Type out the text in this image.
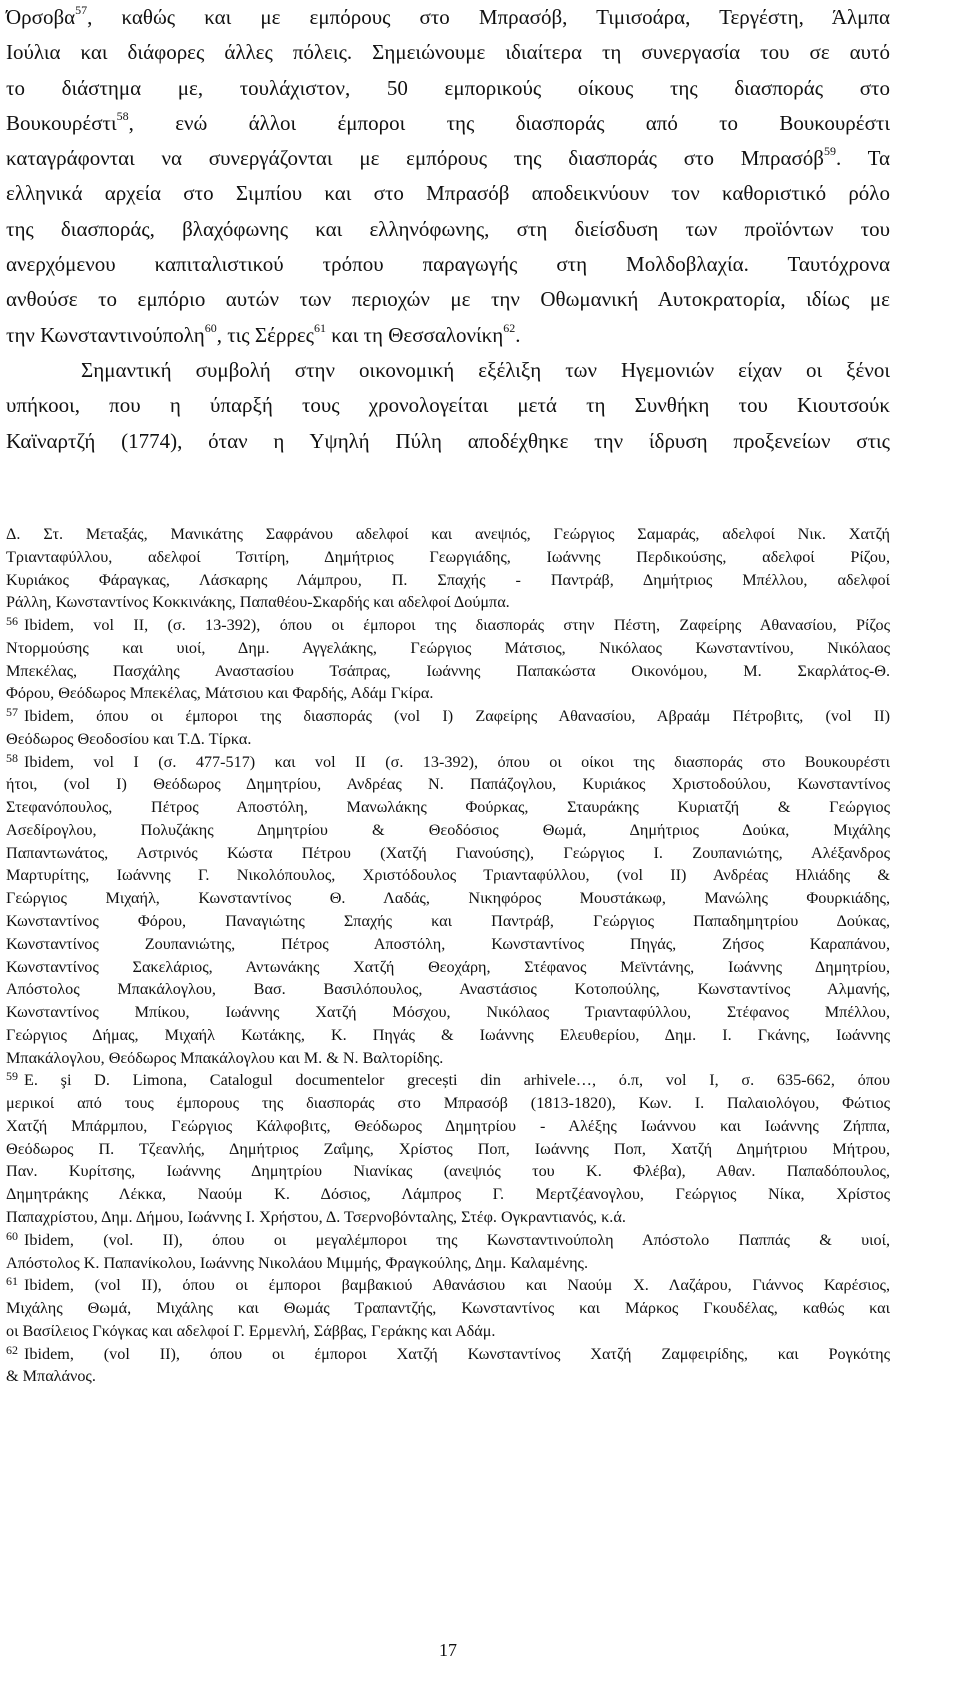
Όρσοβα$^{57}$, καθώς και με εμπόρους στο Μπρασόβ, Τιμισοάρα, Τεργέστη, Άλμπα
Ιούλια και διάφορες άλλες πόλεις. Σημειώνουμε ιδιαίτερα τη συνεργασία του σε αυτό
το διάστημα με, τουλάχιστον, 50 εμπορικούς οίκους της διασποράς στο
Βουκουρέστι$^{58}$, ενώ άλλοι έμποροι της διασποράς από το Βουκουρέστι
καταγράφονται να συνεργάζονται με εμπόρους της διασποράς στο Μπρασόβ$^{59}$. Τα
ελληνικά αρχεία στο Σιμπίου και στο Μπρασόβ αποδεικνύουν τον καθοριστικό ρόλο
της διασποράς, βλαχόφωνης και ελληνόφωνης, στη διείσδυση των προϊόντων του
ανερχόμενου καπιταλιστικού τρόπου παραγωγής στη Μολδοβλαχία. Ταυτόχρονα
ανθούσε το εμπόριο αυτών των περιοχών με την Οθωμανική Αυτοκρατορία, ιδίως με
την Κωνσταντινούπολη$^{60}$, τις Σέρρες$^{61}$ και τη Θεσσαλονίκη$^{62}$.
Σημαντική συμβολή στην οικονομική εξέλιξη των Ηγεμονιών είχαν οι ξένοι
υπήκοοι, που η ύπαρξή τους χρονολογείται μετά τη Συνθήκη του Κιουτσούκ
Καϊναρτζή (1774), όταν η Υψηλή Πύλη αποδέχθηκε την ίδρυση προξενείων στις
Δ. Στ. Μεταξάς, Μανικάτης Σαφράνου αδελφοί και ανεψιός, Γεώργιος Σαμαράς, αδελφοί Νικ. Χατζή
Τριανταφύλλου, αδελφοί Τσιτίρη, Δημήτριος Γεωργιάδης, Ιωάννης Περδικούσης, αδελφοί Ρίζου,
Κυριάκος Φάραγκας, Λάσκαρης Λάμπρου, Π. Σπαχής - Παντράβ, Δημήτριος Μπέλλου, αδελφοί
Ράλλη, Κωνσταντίνος Κοκκινάκης, Παπαθέου-Σκαρδής και αδελφοί Δούμπα.
$^{56}$ Ibidem, vol II, (σ. 13-392), όπου οι έμποροι της διασποράς στην Πέστη, Ζαφείρης Αθανασίου, Ρίζος
Ντορμούσης και υιοί, Δημ. Αγγελάκης, Γεώργιος Μάτσιος, Νικόλαος Κωνσταντίνου, Νικόλαος
Μπεκέλας, Πασχάλης Αναστασίου Τσάπρας, Ιωάννης Παπακώστα Οικονόμου, Μ. Σκαρλάτος-Θ.
Φόρου, Θεόδωρος Μπεκέλας, Μάτσιου και Φαρδής, Αδάμ Γκίρα.
$^{57}$ Ibidem, όπου οι έμποροι της διασποράς (vol I) Ζαφείρης Αθανασίου, Αβραάμ Πέτροβιτς, (vol II)
Θεόδωρος Θεοδοσίου και Τ.Δ. Τίρκα.
$^{58}$ Ibidem, vol I (σ. 477-517) και vol II (σ. 13-392), όπου οι οίκοι της διασποράς στο Βουκουρέστι
ήτοι, (vol I) Θεόδωρος Δημητρίου, Ανδρέας Ν. Παπάζογλου, Κυριάκος Χριστοδούλου, Κωνσταντίνος
Στεφανόπουλος, Πέτρος Αποστόλη, Μανωλάκης Φούρκας, Σταυράκης Κυριατζή & Γεώργιος
Ασεδίρογλου, Πολυζάκης Δημητρίου & Θεοδόσιος Θωμά, Δημήτριος Δούκα, Μιχάλης
Παπαντωνάτος, Αστρινός Κώστα Πέτρου (Χατζή Γιανούσης), Γεώργιος Ι. Ζουπανιώτης, Αλέξανδρος
Μαρτυρίτης, Ιωάννης Γ. Νικολόπουλος, Χριστόδουλος Τριανταφύλλου, (vol II) Ανδρέας Ηλιάδης &
Γεώργιος Μιχαήλ, Κωνσταντίνος Θ. Λαδάς, Νικηφόρος Μουστάκωφ, Μανώλης Φουρκιάδης,
Κωνσταντίνος Φόρου, Παναγιώτης Σπαχής και Παντράβ, Γεώργιος Παπαδημητρίου Δούκας,
Κωνσταντίνος Ζουπανιώτης, Πέτρος Αποστόλη, Κωνσταντίνος Πηγάς, Ζήσος Καραπάνου,
Κωνσταντίνος Σακελάριος, Αντωνάκης Χατζή Θεοχάρη, Στέφανος Μεϊντάνης, Ιωάννης Δημητρίου,
Απόστολος Μπακάλογλου, Βασ. Βασιλόπουλος, Αναστάσιος Κοτοπούλης, Κωνσταντίνος Αλμανής,
Κωνσταντίνος Μπίκου, Ιωάννης Χατζή Μόσχου, Νικόλαος Τριανταφύλλου, Στέφανος Μπέλλου,
Γεώργιος Δήμας, Μιχαήλ Κωτάκης, Κ. Πηγάς & Ιωάννης Ελευθερίου, Δημ. Ι. Γκάνης, Ιωάννης
Μπακάλογλου, Θεόδωρος Μπακάλογλου και Μ. & Ν. Βαλτορίδης.
$^{59}$ E. şi D. Limona, Catalogul documentelor grecești din arhivele…, ό.π, vol I, σ. 635-662, όπου
μερικοί από τους έμπορους της διασποράς στο Μπρασόβ (1813-1820), Κων. Ι. Παλαιολόγου, Φώτιος
Χατζή Μπάρμπου, Γεώργιος Κάλφοβιτς, Θεόδωρος Δημητρίου - Αλέξης Ιωάννου και Ιωάννης Ζήππα,
Θεόδωρος Π. Τζεανλής, Δημήτριος Ζαΐμης, Χρίστος Ποπ, Ιωάννης Ποπ, Χατζή Δημήτριου Μήτρου,
Παν. Κυρίτσης, Ιωάννης Δημητρίου Νιανίκας (ανεψιός του Κ. Φλέβα), Αθαν. Παπαδόπουλος,
Δημητράκης Λέκκα, Ναούμ Κ. Δόσιος, Λάμπρος Γ. Μερτζέανογλου, Γεώργιος Νίκα, Χρίστος
Παπαχρίστου, Δημ. Δήμου, Ιωάννης Ι. Χρήστου, Δ. Τσερνοβόνταλης, Στέφ. Ογκραντιανός, κ.ά.
$^{60}$ Ibidem, (vol. II), όπου οι μεγαλέμποροι της Κωνσταντινούπολη Απόστολο Παππάς & υιοί,
Απόστολος Κ. Παπανίκολου, Ιωάννης Νικολάου Μιμμής, Φραγκούλης, Δημ. Καλαμένης.
$^{61}$ Ibidem, (vol II), όπου οι έμποροι βαμβακιού Αθανάσιου και Ναούμ Χ. Λαζάρου, Γιάννος Καρέσιος,
Μιχάλης Θωμά, Μιχάλης και Θωμάς Τραπαντζής, Κωνσταντίνος και Μάρκος Γκουδέλας, καθώς και
οι Βασίλειος Γκόγκας και αδελφοί Γ. Ερμενλή, Σάββας, Γεράκης και Αδάμ.
$^{62}$ Ibidem, (vol II), όπου οι έμποροι Χατζή Κωνσταντίνος Χατζή Ζαμφειρίδης, και Ρογκότης
& Μπαλάνος.
17
